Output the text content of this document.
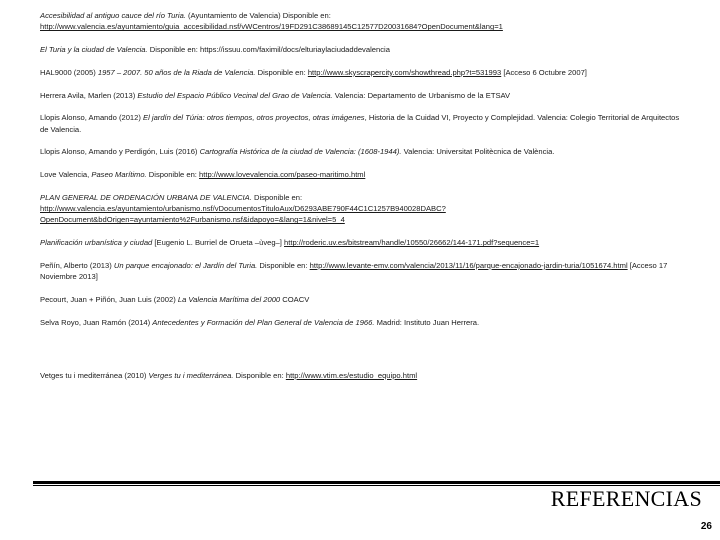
Accesibilidad al antiguo cauce del río Turia. (Ayuntamiento de Valencia) Disponible en: http://www.valencia.es/ayuntamiento/guia_accesibilidad.nsf/vWCentros/19FD291C38689145C12577D20031684?OpenDocument&lang=1

El Turia y la ciudad de Valencia. Disponible en: https://issuu.com/faximil/docs/elturiaylaciudaddevalencia

HAL9000 (2005) 1957 – 2007. 50 años de la Riada de Valencia. Disponible en: http://www.skyscrapercity.com/showthread.php?t=531993 [Acceso 6 Octubre 2007]

Herrera Avila, Marlen (2013) Estudio del Espacio Público Vecinal del Grao de Valencia. Valencia: Departamento de Urbanismo de la ETSAV

Llopis Alonso, Amando (2012) El jardín del Túria: otros tiempos, otros proyectos, otras imágenes, Historia de la Cuidad VI, Proyecto y Complejidad. Valencia: Colegio Territorial de Arquitectos de Valencia.

Llopis Alonso, Amando y Perdigón, Luis (2016) Cartografía Histórica de la ciudad de Valencia: (1608-1944). Valencia: Universitat Politècnica de València.

Love Valencia, Paseo Marítimo. Disponible en: http://www.lovevalencia.com/paseo-maritimo.html

PLAN GENERAL DE ORDENACIÓN URBANA DE VALENCIA. Disponible en: http://www.valencia.es/ayuntamiento/urbanismo.nsf/vDocumentosTituloAux/D6293ABE790F44C1C1257B940028DABC?OpenDocument&bdOrigen=ayuntamiento%2Furbanismo.nsf&idapoyo=&lang=1&nivel=5_4

Planificación urbanística y ciudad [Eugenio L. Burriel de Orueta –ùveg–] http://roderic.uv.es/bitstream/handle/10550/26662/144-171.pdf?sequence=1

Peñín, Alberto (2013) Un parque encajonado: el Jardín del Turia. Disponible en: http://www.levante-emv.com/valencia/2013/11/16/parque-encajonado-jardin-turia/1051674.html [Acceso 17 Noviembre 2013]

Pecourt, Juan + Piñón, Juan Luis (2002) La Valencia Marítima del 2000 COACV

Selva Royo, Juan Ramón (2014) Antecedentes y Formación del Plan General de Valencia de 1966. Madrid: Instituto Juan Herrera.

Vetges tu i mediterránea (2010) Verges tu i mediterránea. Disponible en: http://www.vtim.es/estudio_equipo.html

REFERENCIAS
26
